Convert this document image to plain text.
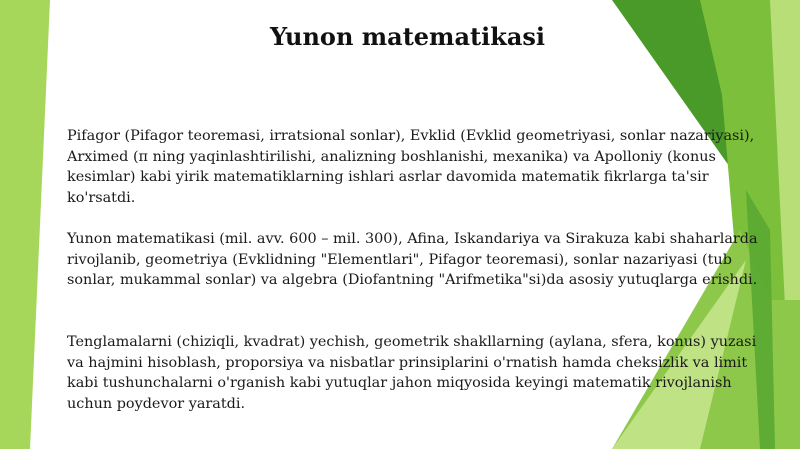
Yunon matematikasi
Pifagor (Pifagor teoremasi, irratsional sonlar), Evklid (Evklid geometriyasi, sonlar nazariyasi), Arximed (π ning yaqinlashtirilishi, analizning boshlanishi, mexanika) va Apolloniy (konus kesimlar) kabi yirik matematiklarning ishlari asrlar davomida matematik fikrlarga ta'sir ko'rsatdi.
Yunon matematikasi (mil. avv. 600 – mil. 300), Afina, Iskandariya va Sirakuza kabi shaharlarda rivojlanib, geometriya (Evklidning "Elementlari", Pifagor teoremasi), sonlar nazariyasi (tub sonlar, mukammal sonlar) va algebra (Diofantning "Arifmetika"si)da asosiy yutuqlarga erishdi.
Tenglamalarni (chiziqli, kvadrat) yechish, geometrik shakllarning (aylana, sfera, konus) yuzasi va hajmini hisoblash, proporsiya va nisbatlar prinsiplarini o'rnatish hamda cheksizlik va limit kabi tushunchalarni o'rganish kabi yutuqlar jahon miqyosida keyingi matematik rivojlanish uchun poydevor yaratdi.
